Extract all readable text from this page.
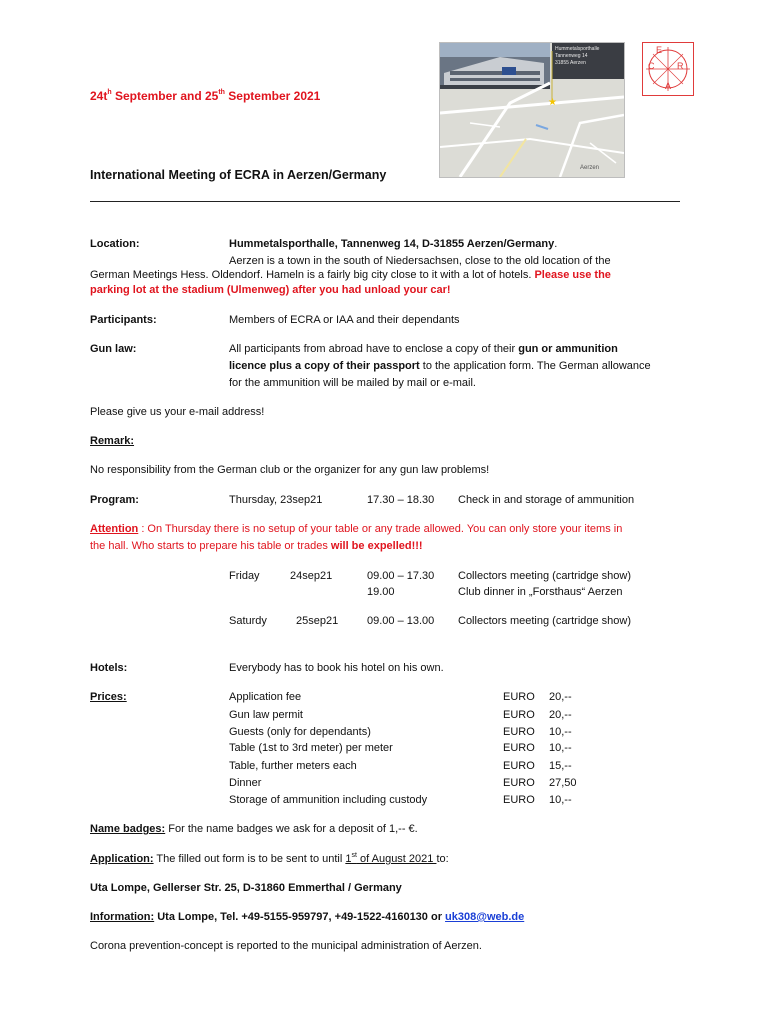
Hummetalsporthalle
Tannenweg 14
31855 Aerzen
★
Aerzen
E
C	R
A
$24t^h$ September and 25th September 2021
International Meeting of ECRA in Aerzen/Germany
Location:	Hummetalsporthalle, Tannenweg 14, D-31855 Aerzen/Germany.
Aerzen is a town in the south of Niedersachsen, close to the old location of the
German Meetings Hess. Oldendorf. Hameln is a fairly big city close to it with a lot of hotels. Please use the
parking lot at the stadium (Ulmenweg) after you had unload your car!
Participants:	Members of ECRA or IAA and their dependants
Gun law:	All participants from abroad have to enclose a copy of their gun or ammunition
licence plus a copy of their passport to the application form. The German allowance
for the ammunition will be mailed by mail or e-mail.
Please give us your e-mail address!
Remark:
No responsibility from the German club or the organizer for any gun law problems!
Program:	Thursday, 23sep21	17.30 – 18.30 Check in and storage of ammunition
Attention : On Thursday there is no setup of your table or any trade allowed. You can only store your items in
the hall. Who starts to prepare his table or trades will be expelled!!!
Friday	24sep21	09.00 – 17.30 Collectors meeting (cartridge show)
19.00	Club dinner in „Forsthaus“ Aerzen
Saturdy	25sep21	09.00 – 13.00 Collectors meeting (cartridge show)
Hotels:	Everybody has to book his hotel on his own.
Prices:	Application fee	EURO 20,--
Gun law permit	EURO 20,--
Guests (only for dependants)	EURO 10,--
Table (1st to 3rd meter) per meter	EURO 10,--
Table, further meters each	EURO 15,--
Dinner	EURO 27,50
Storage of ammunition including custody	EURO 10,--
Name badges: For the name badges we ask for a deposit of 1,-- €.
Application: The filled out form is to be sent to until 1st of August 2021 to:
Uta Lompe, Gellerser Str. 25, D-31860 Emmerthal / Germany
Information: Uta Lompe, Tel. +49-5155-959797, +49-1522-4160130 or uk308@web.de
Corona prevention-concept is reported to the municipal administration of Aerzen.
